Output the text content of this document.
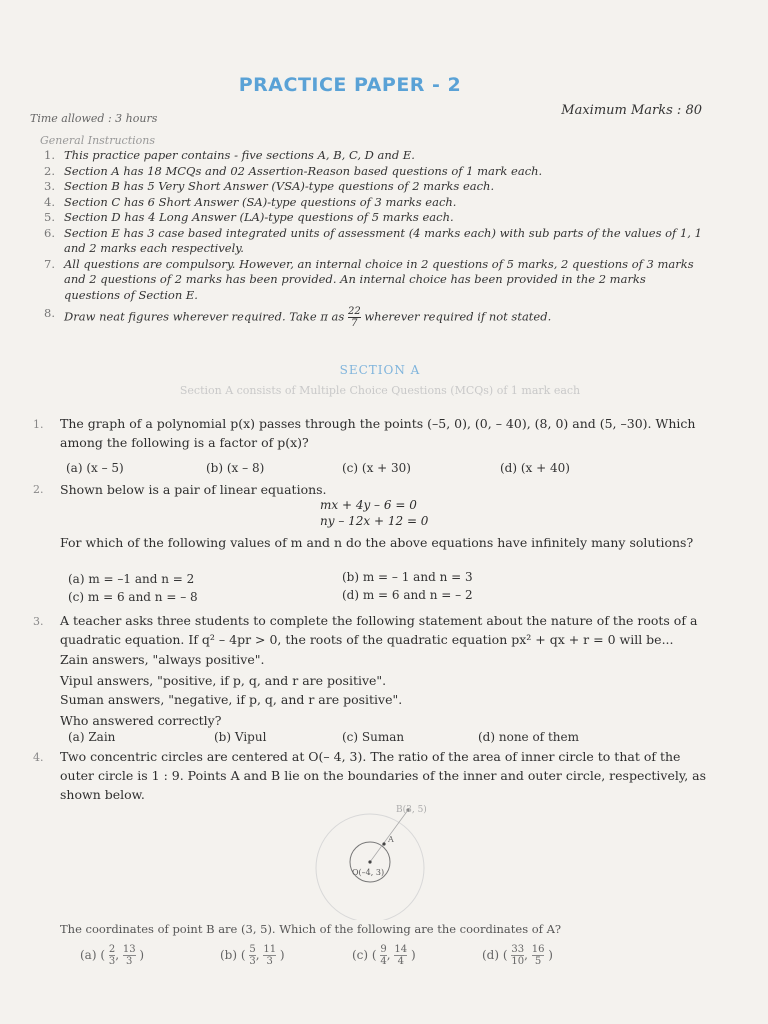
PRACTICE PAPER - 2
Time allowed : 3 hours
Maximum Marks : 80
General Instructions
1. This practice paper contains - five sections A, B, C, D and E.
2. Section A has 18 MCQs and 02 Assertion-Reason based questions of 1 mark each.
3. Section B has 5 Very Short Answer (VSA)-type questions of 2 marks each.
4. Section C has 6 Short Answer (SA)-type questions of 3 marks each.
5. Section D has 4 Long Answer (LA)-type questions of 5 marks each.
6. Section E has 3 case based integrated units of assessment (4 marks each) with sub parts of the values of 1, 1 and 2 marks each respectively.
7. All questions are compulsory. However, an internal choice in 2 questions of 5 marks, 2 questions of 3 marks and 2 questions of 2 marks has been provided. An internal choice has been provided in the 2 marks questions of Section E.
8. Draw neat figures wherever required. Take π as $\frac{22}{7}$ wherever required if not stated.
SECTION A
Section A consists of Multiple Choice Questions (MCQs) of 1 mark each
1. The graph of a polynomial p(x) passes through the points (–5, 0), (0, – 40), (8, 0) and (5, –30). Which among the following is a factor of p(x)?
(a) (x – 5)	(b) (x – 8)	(c) (x + 30)	(d) (x + 40)
2. Shown below is a pair of linear equations.
mx + 4y – 6 = 0
ny – 12x + 12 = 0
For which of the following values of m and n do the above equations have infinitely many solutions?
(a) m = –1 and n = 2	(b) m = – 1 and n = 3
(c) m = 6 and n = – 8	(d) m = 6 and n = – 2
3. A teacher asks three students to complete the following statement about the nature of the roots of a quadratic equation. If q² – 4pr > 0, the roots of the quadratic equation px² + qx + r = 0 will be...
Zain answers, "always positive".
Vipul answers, "positive, if p, q, and r are positive".
Suman answers, "negative, if p, q, and r are positive".
Who answered correctly?
(a) Zain	(b) Vipul	(c) Suman	(d) none of them
4. Two concentric circles are centered at O(– 4, 3). The ratio of the area of inner circle to that of the outer circle is 1 : 9. Points A and B lie on the boundaries of the inner and outer circle, respectively, as shown below.
B(3, 5)
A
O(–4, 3)
The coordinates of point B are (3, 5). Which of the following are the coordinates of A?
(a) ( $\frac{2}{3}$ , $\frac{13}{3}$ )	(b) ( $\frac{5}{3}$ , $\frac{11}{3}$ )	(c) ( $\frac{9}{4}$ , $\frac{14}{4}$ )	(d) ( $\frac{33}{10}$ , $\frac{16}{5}$ )
